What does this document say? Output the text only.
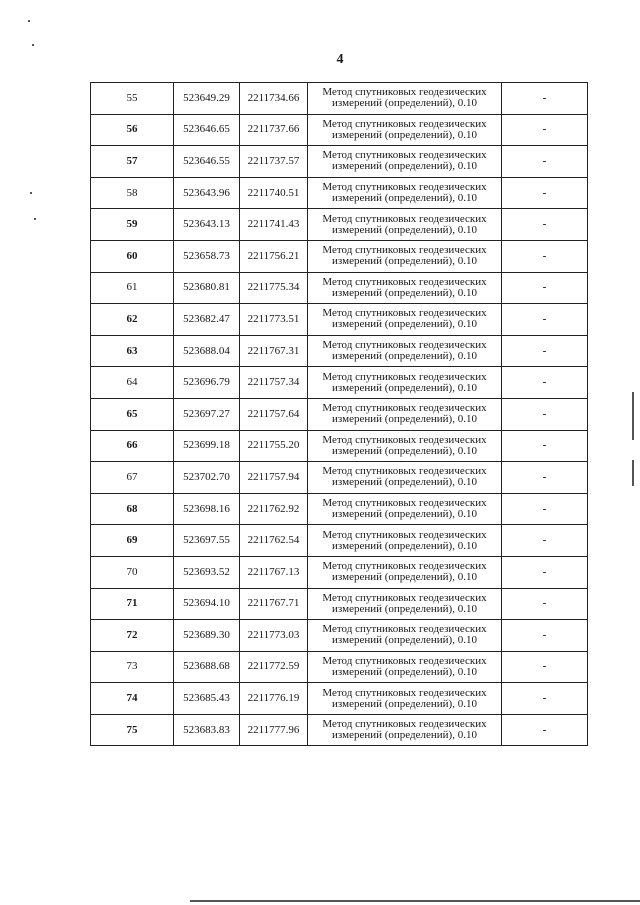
4
55	523649.29	2211734.66	Метод спутниковых геодезических
измерений (определений), 0.10	-
56	523646.65	2211737.66	Метод спутниковых геодезических
измерений (определений), 0.10	-
57	523646.55	2211737.57	Метод спутниковых геодезических
измерений (определений), 0.10	-
58	523643.96	2211740.51	Метод спутниковых геодезических
измерений (определений), 0.10	-
59	523643.13	2211741.43	Метод спутниковых геодезических
измерений (определений), 0.10	-
60	523658.73	2211756.21	Метод спутниковых геодезических
измерений (определений), 0.10	-
61	523680.81	2211775.34	Метод спутниковых геодезических
измерений (определений), 0.10	-
62	523682.47	2211773.51	Метод спутниковых геодезических
измерений (определений), 0.10	-
63	523688.04	2211767.31	Метод спутниковых геодезических
измерений (определений), 0.10	-
64	523696.79	2211757.34	Метод спутниковых геодезических
измерений (определений), 0.10	-
65	523697.27	2211757.64	Метод спутниковых геодезических
измерений (определений), 0.10	-
66	523699.18	2211755.20	Метод спутниковых геодезических
измерений (определений), 0.10	-
67	523702.70	2211757.94	Метод спутниковых геодезических
измерений (определений), 0.10	-
68	523698.16	2211762.92	Метод спутниковых геодезических
измерений (определений), 0.10	-
69	523697.55	2211762.54	Метод спутниковых геодезических
измерений (определений), 0.10	-
70	523693.52	2211767.13	Метод спутниковых геодезических
измерений (определений), 0.10	-
71	523694.10	2211767.71	Метод спутниковых геодезических
измерений (определений), 0.10	-
72	523689.30	2211773.03	Метод спутниковых геодезических
измерений (определений), 0.10	-
73	523688.68	2211772.59	Метод спутниковых геодезических
измерений (определений), 0.10	-
74	523685.43	2211776.19	Метод спутниковых геодезических
измерений (определений), 0.10	-
75	523683.83	2211777.96	Метод спутниковых геодезических
измерений (определений), 0.10	-
